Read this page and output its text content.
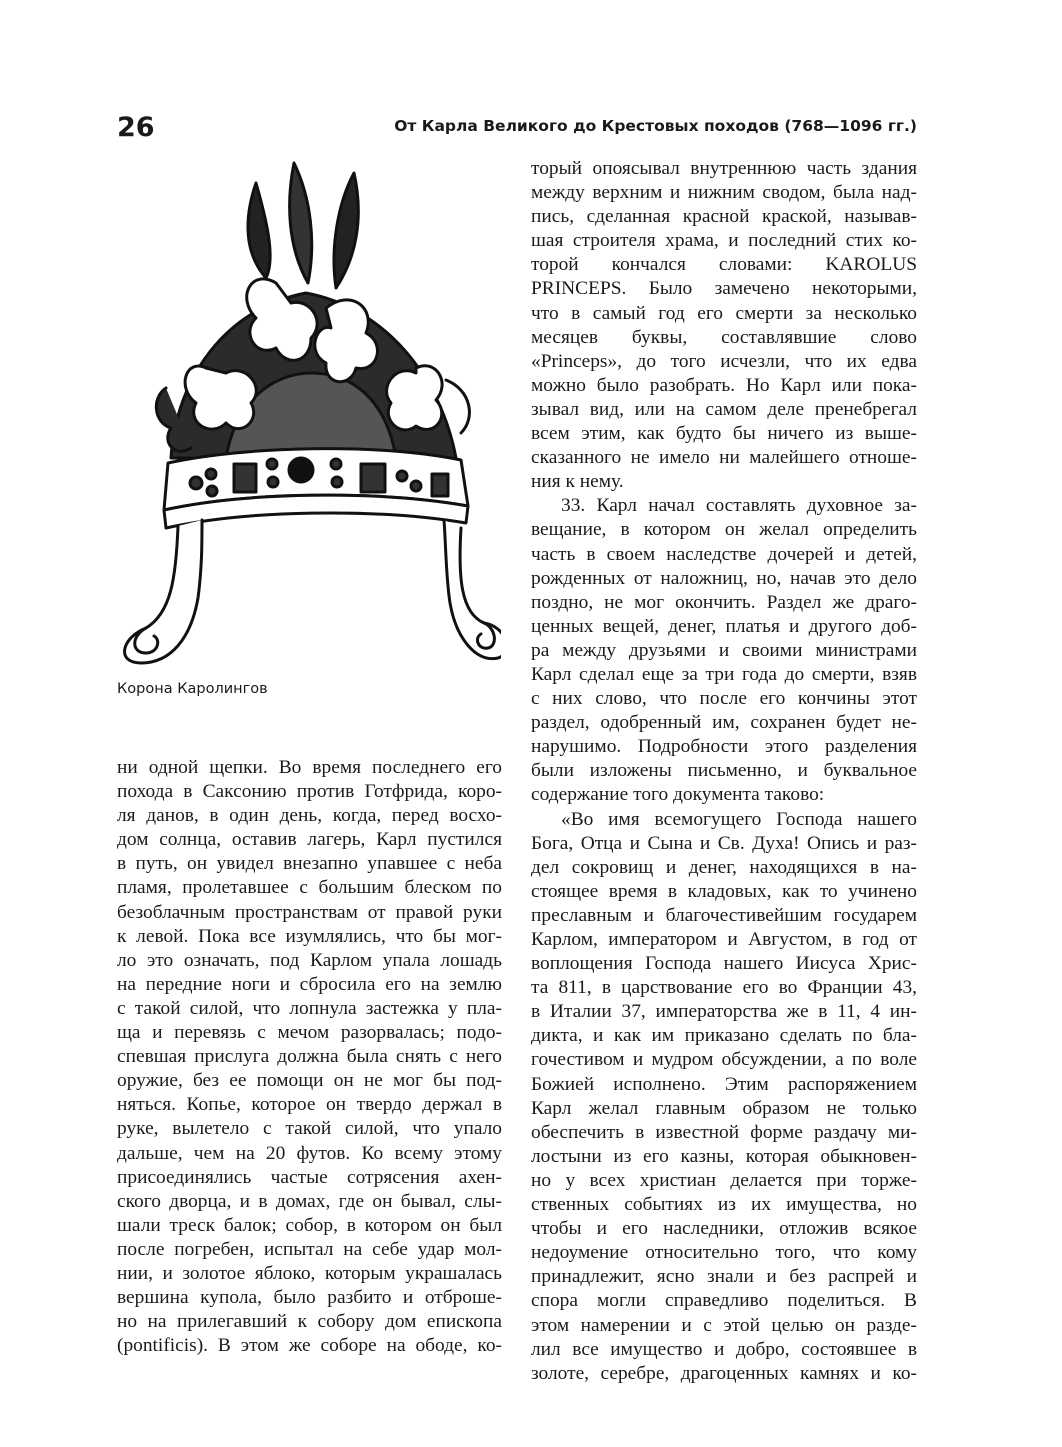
26	От Карла Великого до Крестовых походов (768—1096 гг.)
Корона Каролингов
ни одной щепки. Во время последнего его
похода в Саксонию против Готфрида, коро-
ля данов, в один день, когда, перед восхо-
дом солнца, оставив лагерь, Карл пустился
в путь, он увидел внезапно упавшее с неба
пламя, пролетавшее с большим блеском по
безоблачным пространствам от правой руки
к левой. Пока все изумлялись, что бы мог-
ло это означать, под Карлом упала лошадь
на передние ноги и сбросила его на землю
с такой силой, что лопнула застежка у пла-
ща и перевязь с мечом разорвалась; подо-
спевшая прислуга должна была снять с него
оружие, без ее помощи он не мог бы под-
няться. Копье, которое он твердо держал в
руке, вылетело с такой силой, что упало
дальше, чем на 20 футов. Ко всему этому
присоединялись частые сотрясения ахен-
ского дворца, и в домах, где он бывал, слы-
шали треск балок; собор, в котором он был
после погребен, испытал на себе удар мол-
нии, и золотое яблоко, которым украшалась
вершина купола, было разбито и отброше-
но на прилегавший к собору дом епископа
(pontificis). В этом же соборе на ободе, ко-
торый опоясывал внутреннюю часть здания
между верхним и нижним сводом, была над-
пись, сделанная красной краской, называв-
шая строителя храма, и последний стих ко-
торой кончался словами: KAROLUS
PRINCEPS. Было замечено некоторыми,
что в самый год его смерти за несколько
месяцев буквы, составлявшие слово
«Princeps», до того исчезли, что их едва
можно было разобрать. Но Карл или пока-
зывал вид, или на самом деле пренебрегал
всем этим, как будто бы ничего из выше-
сказанного не имело ни малейшего отноше-
ния к нему.
33. Карл начал составлять духовное за-
вещание, в котором он желал определить
часть в своем наследстве дочерей и детей,
рожденных от наложниц, но, начав это дело
поздно, не мог окончить. Раздел же драго-
ценных вещей, денег, платья и другого доб-
ра между друзьями и своими министрами
Карл сделал еще за три года до смерти, взяв
с них слово, что после его кончины этот
раздел, одобренный им, сохранен будет не-
нарушимо. Подробности этого разделения
были изложены письменно, и буквальное
содержание того документа таково:
«Во имя всемогущего Господа нашего
Бога, Отца и Сына и Св. Духа! Опись и раз-
дел сокровищ и денег, находящихся в на-
стоящее время в кладовых, как то учинено
преславным и благочестивейшим государем
Карлом, императором и Августом, в год от
воплощения Господа нашего Иисуса Хрис-
та 811, в царствование его во Франции 43,
в Италии 37, императорства же в 11, 4 ин-
дикта, и как им приказано сделать по бла-
гочестивом и мудром обсуждении, а по воле
Божией исполнено. Этим распоряжением
Карл желал главным образом не только
обеспечить в известной форме раздачу ми-
лостыни из его казны, которая обыкновен-
но у всех христиан делается при торже-
ственных событиях из их имущества, но
чтобы и его наследники, отложив всякое
недоумение относительно того, что кому
принадлежит, ясно знали и без распрей и
спора могли справедливо поделиться. В
этом намерении и с этой целью он разде-
лил все имущество и добро, состоявшее в
золоте, серебре, драгоценных камнях и ко-
